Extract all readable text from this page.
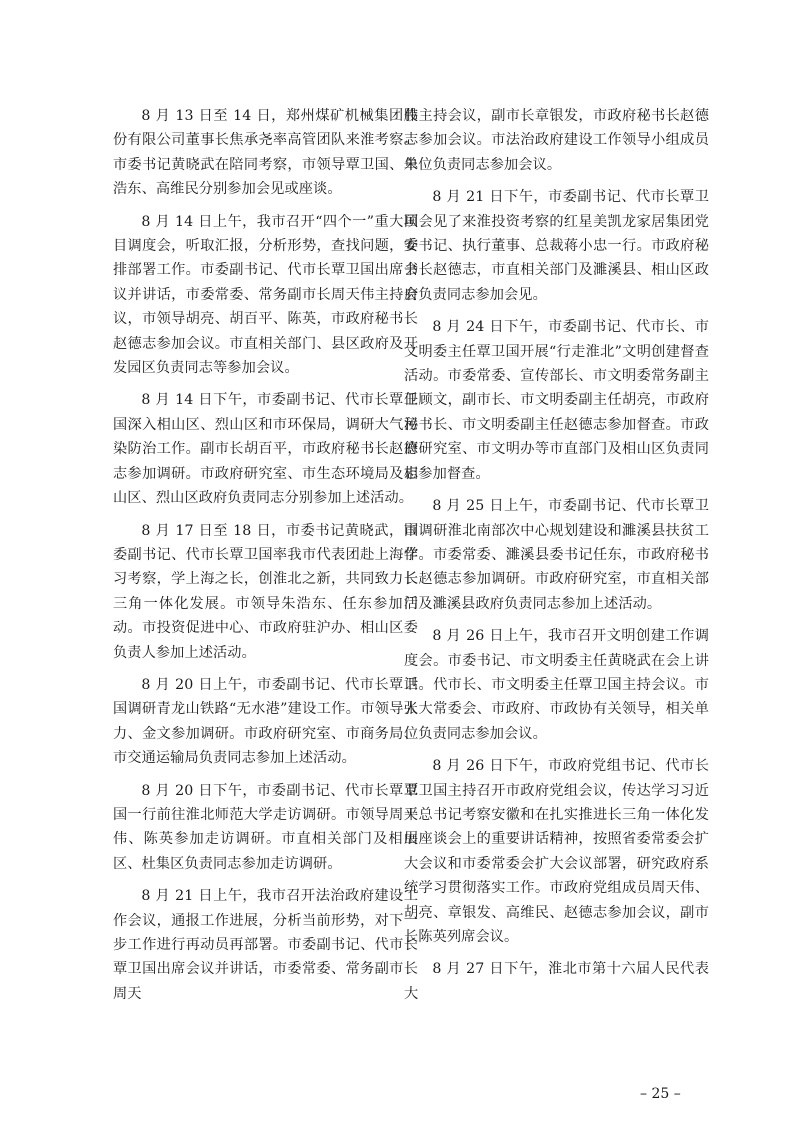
8 月 13 日至 14 日，郑州煤矿机械集团股份有限公司董事长焦承尧率高管团队来淮考察。市委书记黄晓武在陪同考察，市领导覃卫国、朱浩东、高维民分别参加会见或座谈。

8 月 14 日上午，我市召开“四个一”重大项目调度会，听取汇报，分析形势，查找问题，安排部署工作。市委副书记、代市长覃卫国出席会议并讲话，市委常委、常务副市长周天伟主持会议，市领导胡亮、胡百平、陈英，市政府秘书长赵德志参加会议。市直相关部门、县区政府及开发园区负责同志等参加会议。

8 月 14 日下午，市委副书记、代市长覃卫国深入相山区、烈山区和市环保局，调研大气污染防治工作。副市长胡百平，市政府秘书长赵德志参加调研。市政府研究室、市生态环境局及相山区、烈山区政府负责同志分别参加上述活动。

8 月 17 日至 18 日，市委书记黄晓武，市委副书记、代市长覃卫国率我市代表团赴上海学习考察，学上海之长，创淮北之新，共同致力长三角一体化发展。市领导朱浩东、任东参加活动。市投资促进中心、市政府驻沪办、相山区委负责人参加上述活动。

8 月 20 日上午，市委副书记、代市长覃卫国调研青龙山铁路“无水港”建设工作。市领导张力、金文参加调研。市政府研究室、市商务局、市交通运输局负责同志参加上述活动。

8 月 20 日下午，市委副书记、代市长覃卫国一行前往淮北师范大学走访调研。市领导周天伟、陈英参加走访调研。市直相关部门及相山区、杜集区负责同志参加走访调研。

8 月 21 日上午，我市召开法治政府建设工作会议，通报工作进展，分析当前形势，对下一步工作进行再动员再部署。市委副书记、代市长覃卫国出席会议并讲话，市委常委、常务副市长周天

伟主持会议，副市长章银发，市政府秘书长赵德志参加会议。市法治政府建设工作领导小组成员单位负责同志参加会议。

8 月 21 日下午，市委副书记、代市长覃卫国会见了来淮投资考察的红星美凯龙家居集团党委书记、执行董事、总裁蒋小忠一行。市政府秘书长赵德志，市直相关部门及濉溪县、相山区政府负责同志参加会见。

8 月 24 日下午，市委副书记、代市长、市文明委主任覃卫国开展“行走淮北”文明创建督查活动。市委常委、宣传部长、市文明委常务副主任顾文，副市长、市文明委副主任胡亮，市政府秘书长、市文明委副主任赵德志参加督查。市政府研究室、市文明办等市直部门及相山区负责同志参加督查。

8 月 25 日上午，市委副书记、代市长覃卫国调研淮北南部次中心规划建设和濉溪县扶贫工作。市委常委、濉溪县委书记任东，市政府秘书长赵德志参加调研。市政府研究室，市直相关部门及濉溪县政府负责同志参加上述活动。

8 月 26 日上午，我市召开文明创建工作调度会。市委书记、市文明委主任黄晓武在会上讲话。代市长、市文明委主任覃卫国主持会议。市人大常委会、市政府、市政协有关领导，相关单位负责同志参加会议。

8 月 26 日下午，市政府党组书记、代市长覃卫国主持召开市政府党组会议，传达学习习近平总书记考察安徽和在扎实推进长三角一体化发展座谈会上的重要讲话精神，按照省委常委会扩大会议和市委常委会扩大会议部署，研究政府系统学习贯彻落实工作。市政府党组成员周天伟、胡亮、章银发、高维民、赵德志参加会议，副市长陈英列席会议。

8 月 27 日下午，淮北市第十六届人民代表大

– 25 –
